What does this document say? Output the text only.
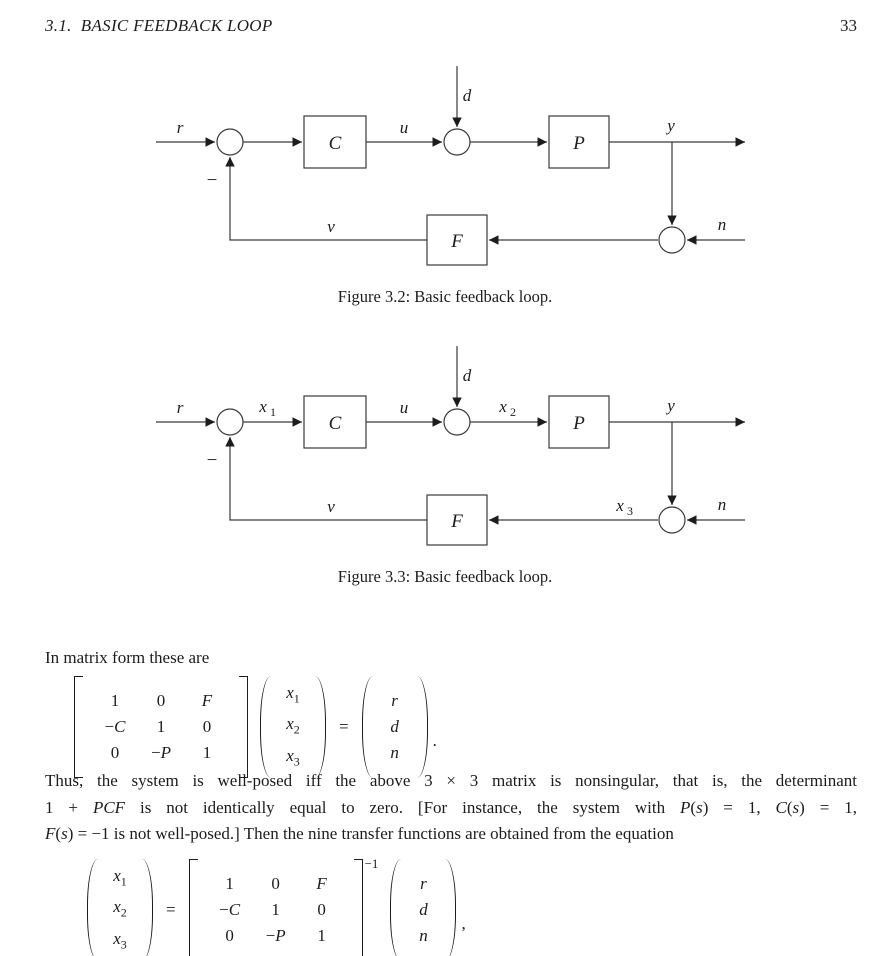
3.1.  BASIC FEEDBACK LOOP	33
C	P
F
r	u
d
y
n
v
−
C	P
F
r	x 1	u
d
x 2	y
x 3	n
v
−
Figure 3.2: Basic feedback loop.
Figure 3.3: Basic feedback loop.
In matrix form these are
1	0	F
−C	1	0
0	−P	1
$x_1$
$x_2$
$x_3$
=
r
d
n
.
Thus, the system is well-posed iff the above 3 × 3 matrix is nonsingular, that is, the determinant
1 + PCF is not identically equal to zero. [For instance, the system with P(s) = 1, C(s) = 1,
F(s) = −1 is not well-posed.] Then the nine transfer functions are obtained from the equation
$x_1$
$x_2$
$x_3$
=
1	0	F
−C	1	0
0	−P	1
−1
r
d
n
,
